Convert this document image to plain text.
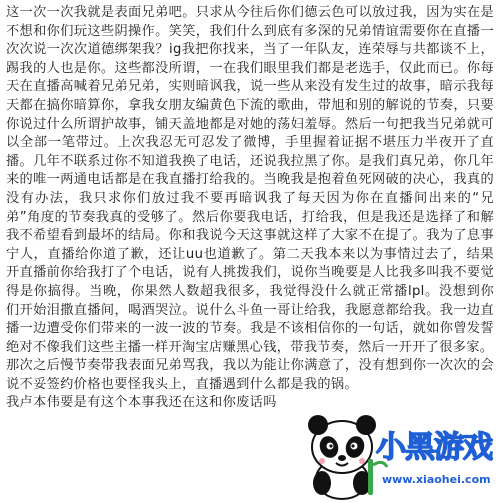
这一次一次我就是表面兄弟吧。只求从今往后你们德云色可以放过我，因为实在是不想和你们玩这些阴操作。笑笑，我们什么到底有多深的兄弟情谊需要你在直播一次次说一次次道德绑架我？ig我把你找来，当了一年队友，连荣辱与共都谈不上，踢我的人也是你。这些都没所谓，一在我们眼里我们都是老选手，仅此而已。你每天在直播高喊着兄弟兄弟，实则暗讽我，说一些从来没有发生过的故事，暗示我每天都在搞你暗算你，拿我女朋友编黄色下流的歌曲，带旭和别的解说的节奏，只要你说过什么所谓护故事，铺天盖地都是对她的荡妇羞辱。然后一句把我当兄弟就可以全部一笔带过。上次我忍无可忍发了微博，手里握着证据不堪压力半夜开了直播。几年不联系过你不知道我换了电话，还说我拉黑了你。是我们真兄弟，你几年来的唯一两通电话都是在我直播打给我的。当晚我是抱着鱼死网破的决心，我真的没有办法，我只求你们放过我不要再暗讽我了每天因为你在直播间出来的“兄弟”角度的节奏我真的受够了。然后你要我电话，打给我，但是我还是选择了和解我不希望看到最坏的结局。你和我说今天这事就这样了大家不在提了。我为了息事宁人，直播给你道了歉，还让uu也道歉了。第二天我本来以为事情过去了，结果开直播前你给我打了个电话，说有人挑拨我们，说你当晚要是人比我多叫我不要觉得是你搞得。当晚，你果然人数超我很多，我觉得没什么就正常播lpl。没想到你们开始泪撒直播间，喝酒哭泣。说什么斗鱼一哥让给我，我愿意都给我。我一边直播一边遭受你们带来的一波一波的节奏。我是不该相信你的一句话，就如你曾发誓绝对不像我们这些主播一样开淘宝店赚黑心钱，带我节奏，然后一开开了很多家。

那次之后慢节奏带我表面兄弟骂我，我以为能让你满意了，没有想到你一次次的会说不妥签约价格也要怪我头上，直播遇到什么都是我的锅。

我卢本伟要是有这个本事我还在这和你废话吗

小黑游戏
www.xiaohei.com
